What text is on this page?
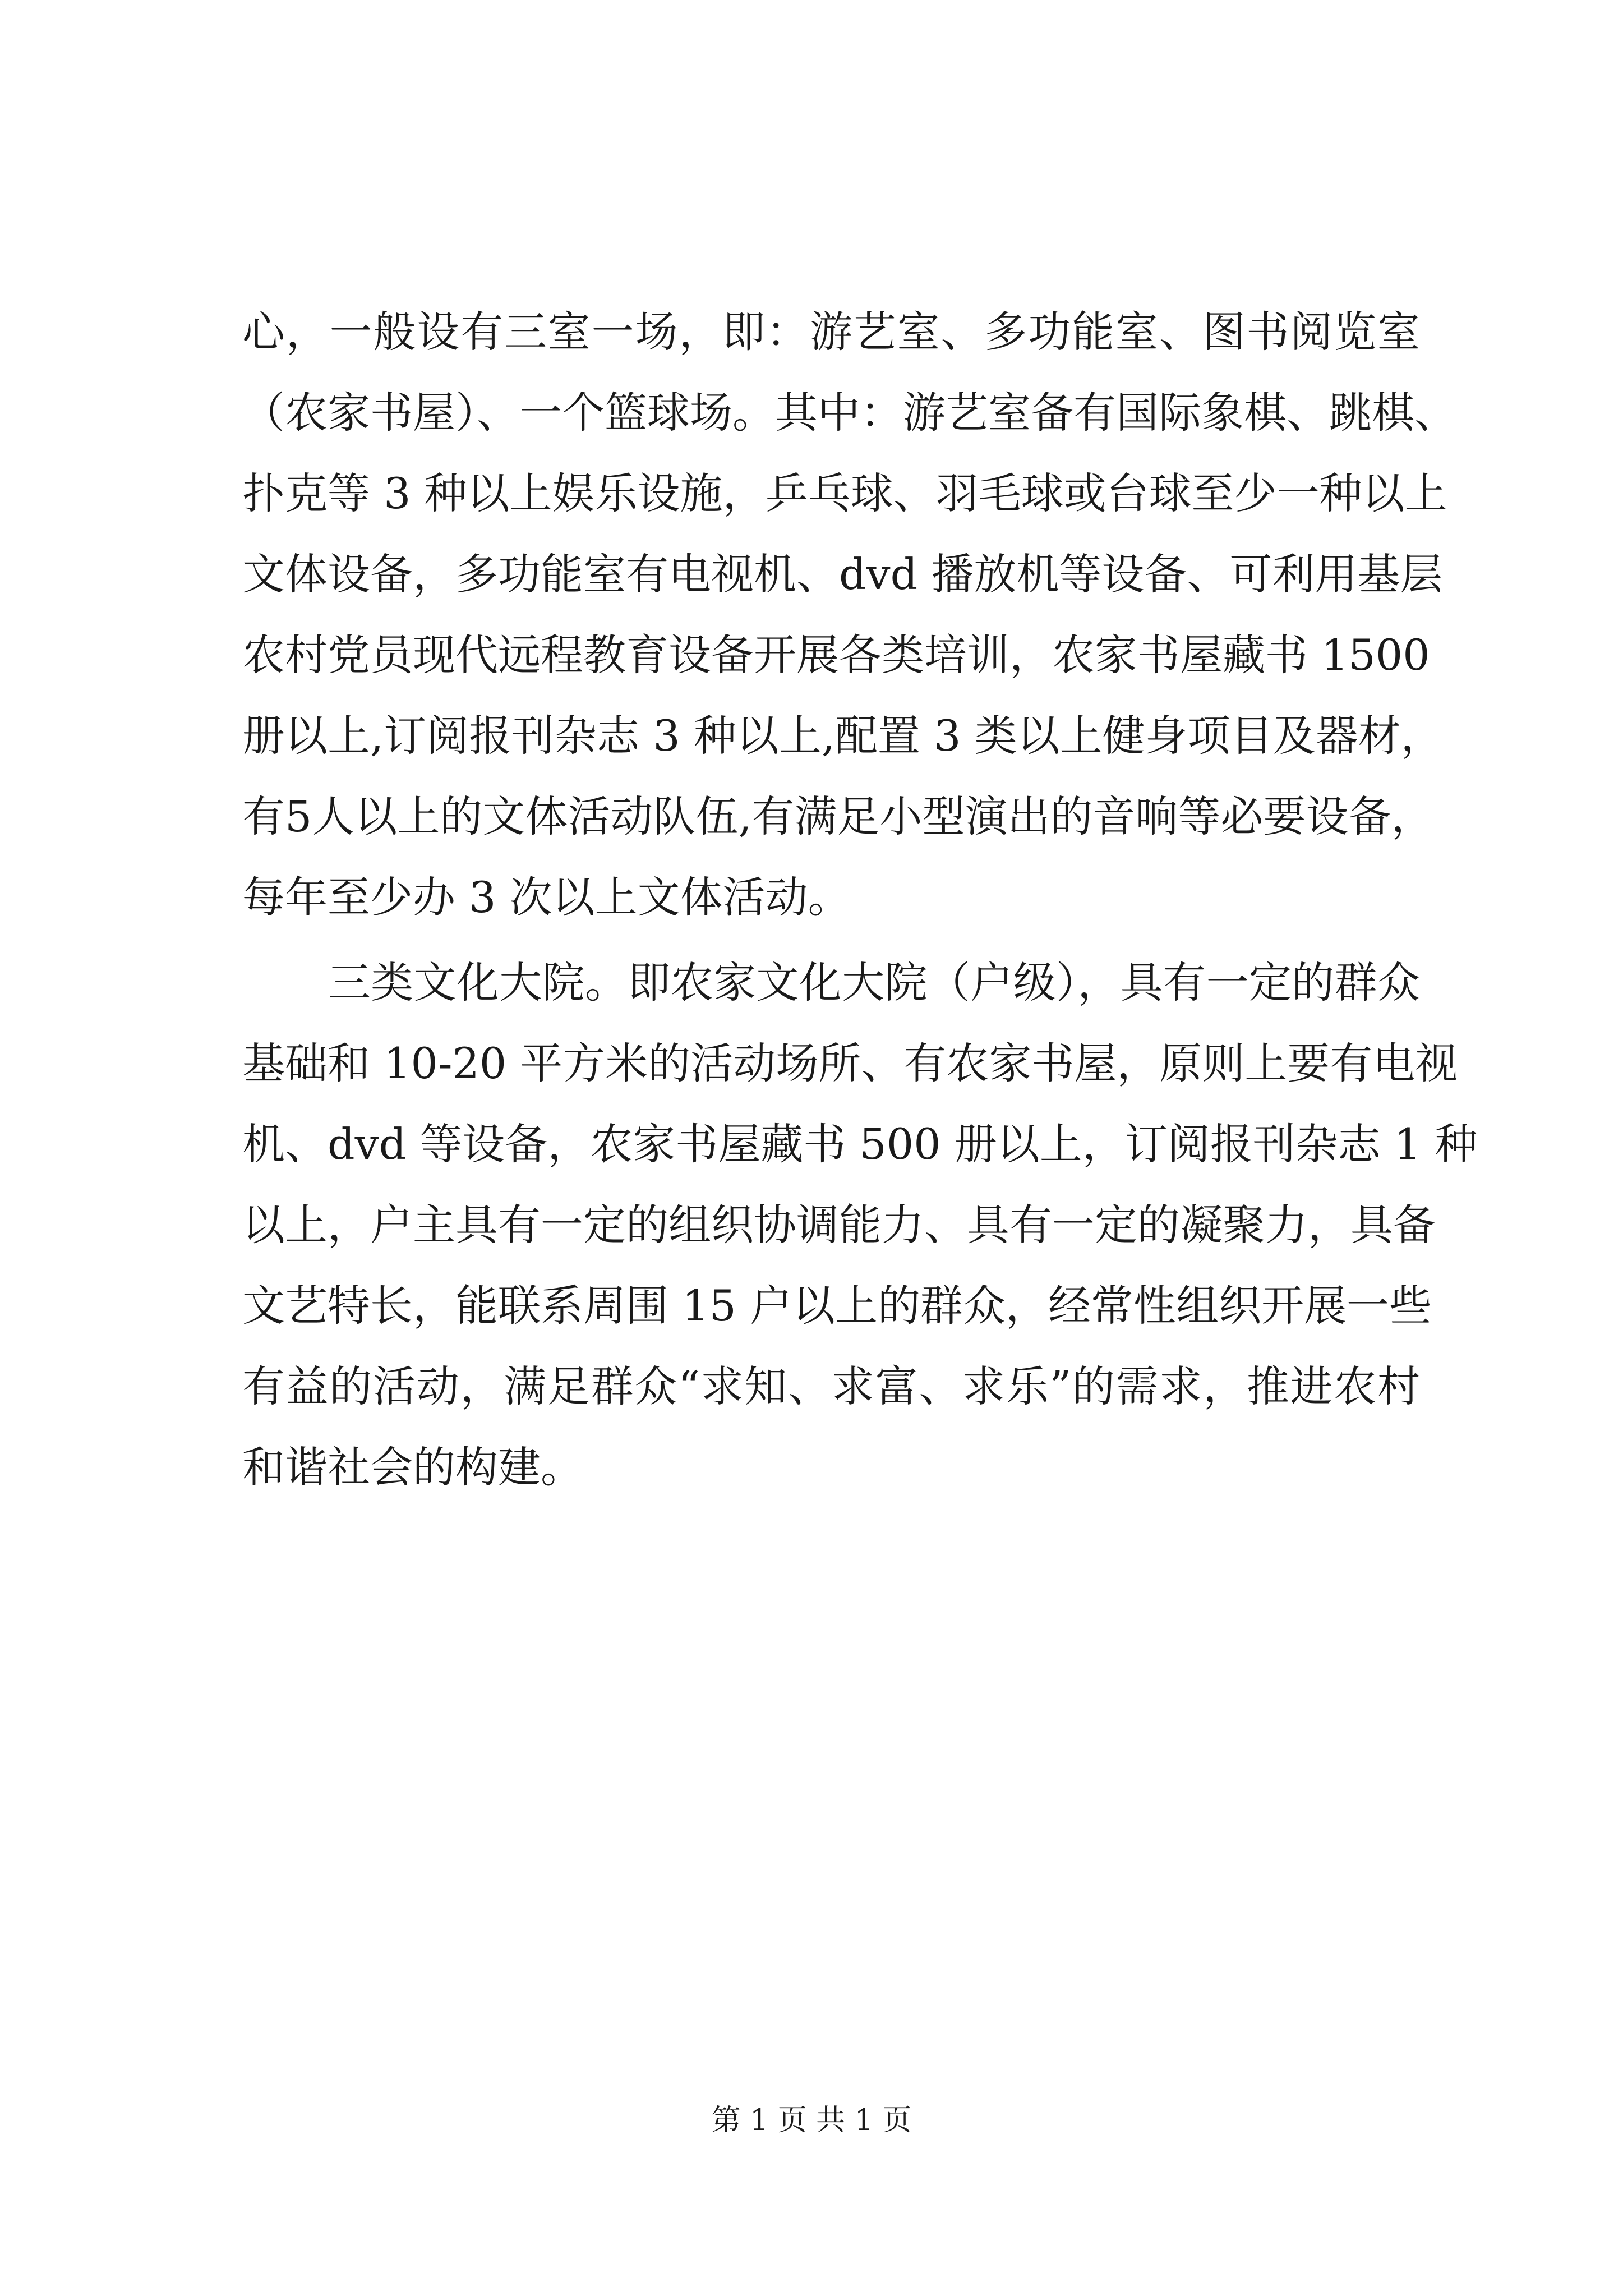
心，一般设有三室一场，即：游艺室、多功能室、图书阅览室
（农家书屋）、一个篮球场。其中：游艺室备有国际象棋、跳棋、
扑克等 3 种以上娱乐设施，乒乓球、羽毛球或台球至少一种以上
文体设备，多功能室有电视机、dvd 播放机等设备、可利用基层
农村党员现代远程教育设备开展各类培训，农家书屋藏书 1500
册以上,订阅报刊杂志 3 种以上,配置 3 类以上健身项目及器材，
有5人以上的文体活动队伍,有满足小型演出的音响等必要设备，
每年至少办 3 次以上文体活动。
　　三类文化大院。即农家文化大院（户级），具有一定的群众
基础和 10-20 平方米的活动场所、有农家书屋，原则上要有电视
机、dvd 等设备，农家书屋藏书 500 册以上，订阅报刊杂志 1 种
以上，户主具有一定的组织协调能力、具有一定的凝聚力，具备
文艺特长，能联系周围 15 户以上的群众，经常性组织开展一些
有益的活动，满足群众“求知、求富、求乐”的需求，推进农村
和谐社会的构建。
第 1 页 共 1 页
